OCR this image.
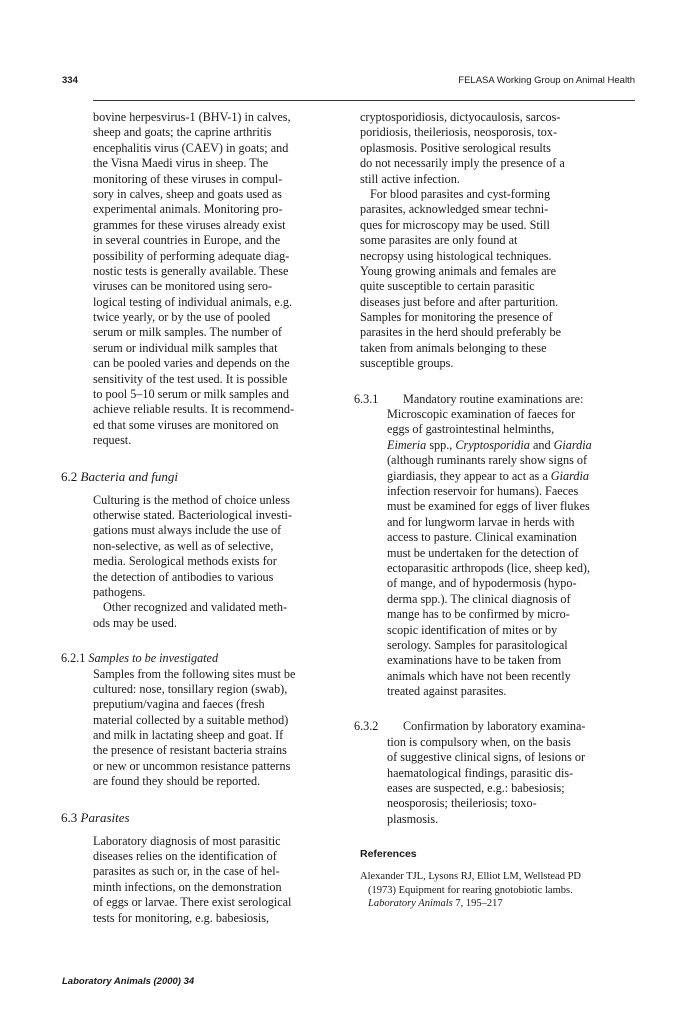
334	FELASA Working Group on Animal Health

bovine herpesvirus-1 (BHV-1) in calves,

sheep and goats; the caprine arthritis

encephalitis virus (CAEV) in goats; and

the Visna Maedi virus in sheep. The

monitoring of these viruses in compul-

sory in calves, sheep and goats used as

experimental animals. Monitoring pro-

grammes for these viruses already exist

in several countries in Europe, and the

possibility of performing adequate diag-

nostic tests is generally available. These

viruses can be monitored using sero-

logical testing of individual animals, e.g.

twice yearly, or by the use of pooled

serum or milk samples. The number of

serum or individual milk samples that

can be pooled varies and depends on the

sensitivity of the test used. It is possible

to pool 5–10 serum or milk samples and

achieve reliable results. It is recommend-

ed that some viruses are monitored on

request.

6.2 Bacteria and fungi

Culturing is the method of choice unless

otherwise stated. Bacteriological investi-

gations must always include the use of

non-selective, as well as of selective,

media. Serological methods exists for

the detection of antibodies to various

pathogens.

Other recognized and validated meth-

ods may be used.

6.2.1 Samples to be investigated

Samples from the following sites must be

cultured: nose, tonsillary region (swab),

preputium/vagina and faeces (fresh

material collected by a suitable method)

and milk in lactating sheep and goat. If

the presence of resistant bacteria strains

or new or uncommon resistance patterns

are found they should be reported.

6.3 Parasites

Laboratory diagnosis of most parasitic

diseases relies on the identification of

parasites as such or, in the case of hel-

minth infections, on the demonstration

of eggs or larvae. There exist serological

tests for monitoring, e.g. babesiosis,

cryptosporidiosis, dictyocaulosis, sarcos-

poridiosis, theileriosis, neosporosis, tox-

oplasmosis. Positive serological results

do not necessarily imply the presence of a

still active infection.

For blood parasites and cyst-forming

parasites, acknowledged smear techni-

ques for microscopy may be used. Still

some parasites are only found at

necropsy using histological techniques.

Young growing animals and females are

quite susceptible to certain parasitic

diseases just before and after parturition.

Samples for monitoring the presence of

parasites in the herd should preferably be

taken from animals belonging to these

susceptible groups.

6.3.1 Mandatory routine examinations are:

Microscopic examination of faeces for

eggs of gastrointestinal helminths,

Eimeria spp., Cryptosporidia and Giardia

(although ruminants rarely show signs of

giardiasis, they appear to act as a Giardia

infection reservoir for humans). Faeces

must be examined for eggs of liver flukes

and for lungworm larvae in herds with

access to pasture. Clinical examination

must be undertaken for the detection of

ectoparasitic arthropods (lice, sheep ked),

of mange, and of hypodermosis (hypo-

derma spp.). The clinical diagnosis of

mange has to be confirmed by micro-

scopic identification of mites or by

serology. Samples for parasitological

examinations have to be taken from

animals which have not been recently

treated against parasites.

6.3.2 Confirmation by laboratory examina-

tion is compulsory when, on the basis

of suggestive clinical signs, of lesions or

haematological findings, parasitic dis-

eases are suspected, e.g.: babesiosis;

neosporosis; theileriosis; toxo-

plasmosis.

References

Alexander TJL, Lysons RJ, Elliot LM, Wellstead PD

(1973) Equipment for rearing gnotobiotic lambs.

Laboratory Animals 7, 195–217

Laboratory Animals (2000) 34
